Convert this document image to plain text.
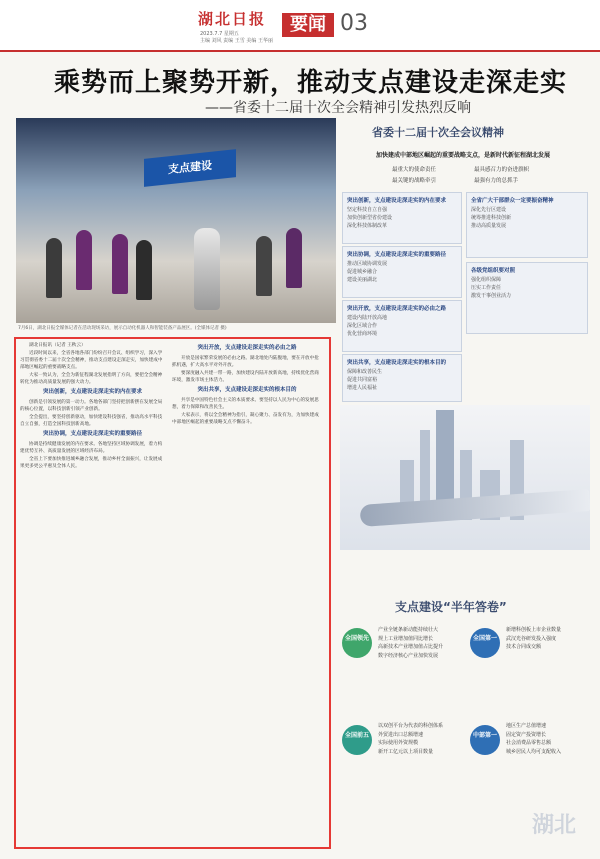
湖北日报
2023.7.7 星期五
主编 刘风 责编 王雪 美编 王华丽
要闻 03
乘势而上聚势开新，推动支点建设走深走实
——省委十二届十次全会精神引发热烈反响
支点建设
7月6日，湖北日报全媒体记者在活动现场采访，展示自动化机器人和智能装备产品展区。(全媒体记者 摄)
省委十二届十次全会议精神
加快建成中部地区崛起的重要战略支点，是新时代新征程湖北发展
最重大的使命责任	最具感召力的奋进旗帜
最关键的战略牵引	最强有力的总抓手
突出创新，支点建设走深走实的内在要求
坚定科技自立自强
加快创新型省份建设
深化科技体制改革
全省广大干部群众一定要振奋精神
深化先行区建设
统筹推进科技创新
推动高质量发展
突出协调，支点建设走深走实的重要路径
推动区域协调发展
促进城乡融合
建设美丽湖北
各级党组织要对照
强化组织保障
压实工作责任
激发干事创业活力
突出开放，支点建设走深走实的必由之路
建设内陆开放高地
深化区域合作
优化营商环境
突出共享，支点建设走深走实的根本目的
保障和改善民生
促进共同富裕
增进人民福祉

湖北日报讯（记者 王秋云）

近段时间以来，全省各地各部门纷纷召开会议、组织学习，深入学习贯彻省委十二届十次全会精神，推动支点建设走深走实，加快建成中部地区崛起的重要战略支点。

大家一致认为，全会为新征程湖北发展指明了方向，要把全会精神转化为推动高质量发展的强大动力。

突出创新，支点建设走深走实的内在要求

创新是引领发展的第一动力。各地各部门坚持把创新摆在发展全局的核心位置，以科技创新引领产业创新。

全会提出，要坚持创新驱动，加快建设科技强省，推动高水平科技自立自强，打造全国科技创新高地。

突出协调，支点建设走深走实的重要路径

协调是持续健康发展的内在要求。各地坚持区域协调发展，着力构建优势互补、高质量发展的区域经济布局。

全省上下要加快推进城乡融合发展，推动乡村全面振兴，让发展成果更多更公平惠及全体人民。

突出开放，支点建设走深走实的必由之路

开放是国家繁荣发展的必由之路。湖北地处内陆腹地，要在开放中抢抓机遇，扩大高水平对外开放。

要深度融入共建一带一路，加快建设内陆开放新高地，持续优化营商环境，激发市场主体活力。

突出共享，支点建设走深走实的根本目的

共享是中国特色社会主义的本质要求。要坚持以人民为中心的发展思想，着力保障和改善民生。

大家表示，将以全会精神为指引，凝心聚力、奋发有为，为加快建成中部地区崛起的重要战略支点不懈奋斗。

支点建设“半年答卷”
全国领先
产业全链条新动能持续壮大
规上工业增加值同比增长
高新技术产业增加值占比提升
数字经济核心产业加快发展
全国第一
新增科创板上市企业数量
武汉光谷研发投入强度
技术合同成交额
全国前五
以双创平台为代表的科创体系
外贸进出口总额增速
实际使用外资规模
新开工亿元以上项目数量
中部第一
地区生产总值增速
固定资产投资增长
社会消费品零售总额
城乡居民人均可支配收入
湖北
